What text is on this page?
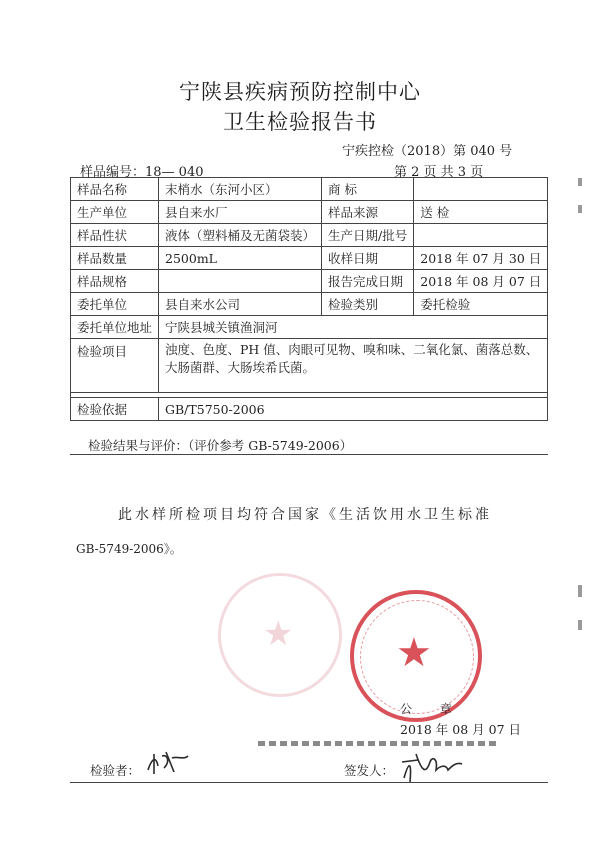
宁陕县疾病预防控制中心
卫生检验报告书
宁疾控检（2018）第 040 号
样品编号：18— 040	第 2 页 共 3 页
样品名称	末梢水（东河小区）	商 标	
生产单位	县自来水厂	样品来源	送 检
样品性状	液体（塑料桶及无菌袋装）	生产日期/批号	
样品数量	2500mL	收样日期	2018 年 07 月 30 日
样品规格		报告完成日期	2018 年 08 月 07 日
委托单位	县自来水公司	检验类别	委托检验
委托单位地址	宁陕县城关镇渔洞河		
检验项目	浊度、色度、PH 值、肉眼可见物、嗅和味、二氧化氯、菌落总数、大肠菌群、大肠埃希氏菌。		

检验依据	GB/T5750-2006		
检验结果与评价：（评价参考 GB-5749-2006）
此水样所检项目均符合国家《生活饮用水卫生标准
GB-5749-2006》。
★	★
公 章
2018 年 08 月 07 日
检验者：	签发人：
